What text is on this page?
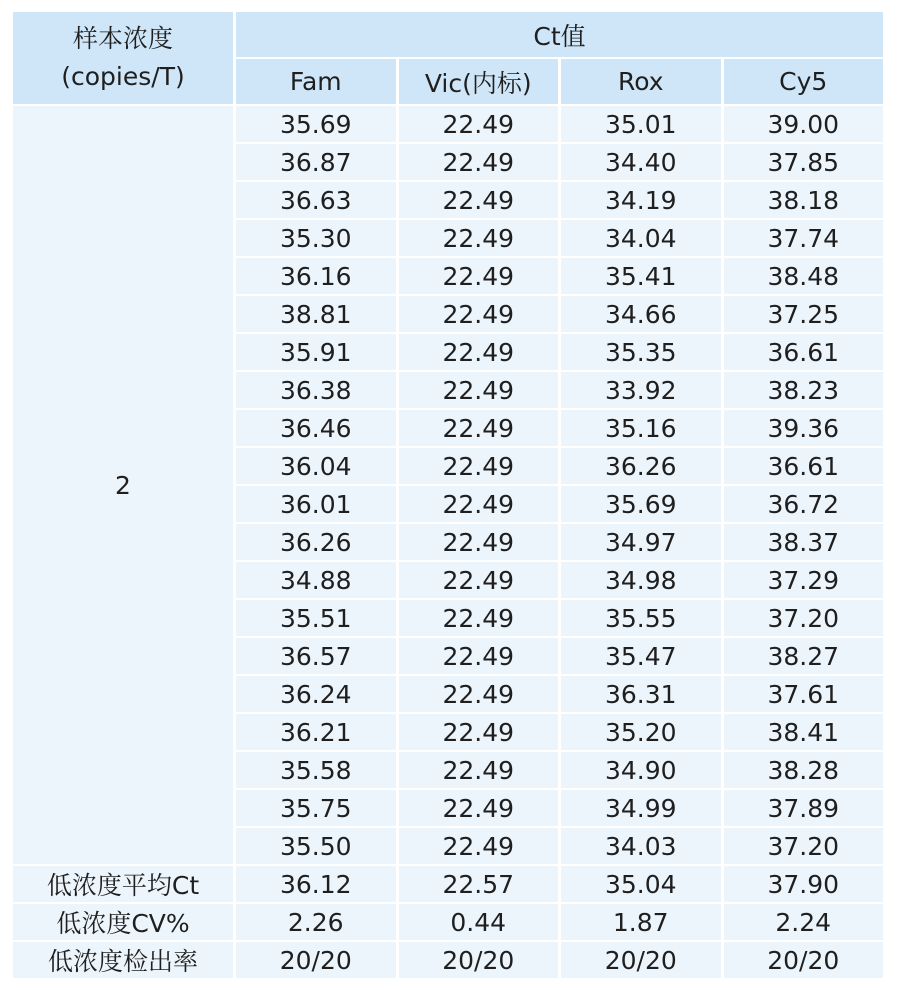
样本浓度
(copies/T)	Ct值			
	Fam	Vic(内标)	Rox	Cy5
2	35.69	22.49	35.01	39.00
	36.87	22.49	34.40	37.85
	36.63	22.49	34.19	38.18
	35.30	22.49	34.04	37.74
	36.16	22.49	35.41	38.48
	38.81	22.49	34.66	37.25
	35.91	22.49	35.35	36.61
	36.38	22.49	33.92	38.23
	36.46	22.49	35.16	39.36
	36.04	22.49	36.26	36.61
	36.01	22.49	35.69	36.72
	36.26	22.49	34.97	38.37
	34.88	22.49	34.98	37.29
	35.51	22.49	35.55	37.20
	36.57	22.49	35.47	38.27
	36.24	22.49	36.31	37.61
	36.21	22.49	35.20	38.41
	35.58	22.49	34.90	38.28
	35.75	22.49	34.99	37.89
	35.50	22.49	34.03	37.20
低浓度平均Ct	36.12	22.57	35.04	37.90
低浓度CV%	2.26	0.44	1.87	2.24
低浓度检出率	20/20	20/20	20/20	20/20
